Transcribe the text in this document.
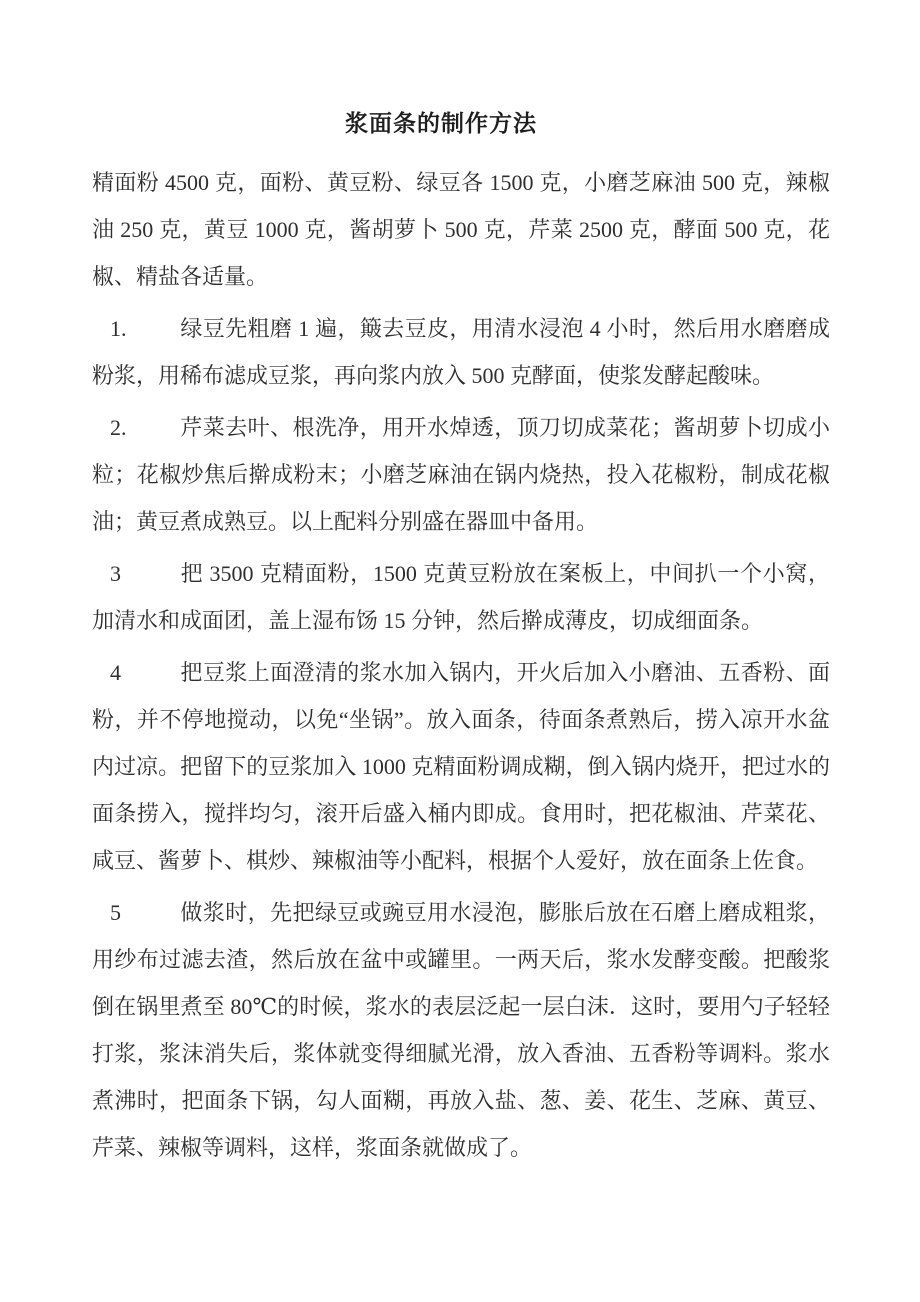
浆面条的制作方法

精面粉 4500 克，面粉、黄豆粉、绿豆各 1500 克，小磨芝麻油 500 克，辣椒油 250 克，黄豆 1000 克，酱胡萝卜 500 克，芹菜 2500 克，酵面 500 克，花椒、精盐各适量。

1. 绿豆先粗磨 1 遍，簸去豆皮，用清水浸泡 4 小时，然后用水磨磨成粉浆，用稀布滤成豆浆，再向浆内放入 500 克酵面，使浆发酵起酸味。

2. 芹菜去叶、根洗净，用开水焯透，顶刀切成菜花；酱胡萝卜切成小粒；花椒炒焦后擀成粉末；小磨芝麻油在锅内烧热，投入花椒粉，制成花椒油；黄豆煮成熟豆。以上配料分别盛在器皿中备用。

3	把 3500 克精面粉，1500 克黄豆粉放在案板上，中间扒一个小窝，加清水和成面团，盖上湿布饧 15 分钟，然后擀成薄皮，切成细面条。

4	把豆浆上面澄清的浆水加入锅内，开火后加入小磨油、五香粉、面粉，并不停地搅动，以免“坐锅”。放入面条，待面条煮熟后，捞入凉开水盆内过凉。把留下的豆浆加入 1000 克精面粉调成糊，倒入锅内烧开，把过水的面条捞入，搅拌均匀，滚开后盛入桶内即成。食用时，把花椒油、芹菜花、咸豆、酱萝卜、棋炒、辣椒油等小配料，根据个人爱好，放在面条上佐食。

5	做浆时，先把绿豆或豌豆用水浸泡，膨胀后放在石磨上磨成粗浆，用纱布过滤去渣，然后放在盆中或罐里。一两天后，浆水发酵变酸。把酸浆倒在锅里煮至 80℃的时候，浆水的表层泛起一层白沫．这时，要用勺子轻轻打浆，浆沫消失后，浆体就变得细腻光滑，放入香油、五香粉等调料。浆水煮沸时，把面条下锅，勾人面糊，再放入盐、葱、姜、花生、芝麻、黄豆、芹菜、辣椒等调料，这样，浆面条就做成了。
